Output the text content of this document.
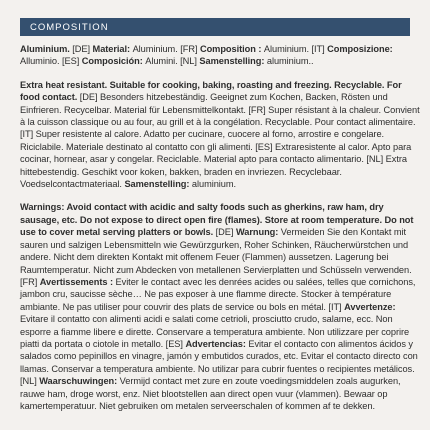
COMPOSITION

Aluminium. [DE] Material: Aluminium. [FR] Composition : Aluminium. [IT] Composizione: Alluminio. [ES] Composición: Alumini. [NL] Samenstelling: aluminium..

Extra heat resistant. Suitable for cooking, baking, roasting and freezing. Recyclable. For food contact. [DE] Besonders hitzebeständig. Geeignet zum Kochen, Backen, Rösten und Einfrieren. Recycelbar. Material für Lebensmittelkontakt. [FR] Super résistant à la chaleur. Convient à la cuisson classique ou au four, au grill et à la congélation. Recyclable. Pour contact alimentaire. [IT] Super resistente al calore. Adatto per cucinare, cuocere al forno, arrostire e congelare. Riciclabile. Materiale destinato al contatto con gli alimenti. [ES] Extraresistente al calor. Apto para cocinar, hornear, asar y congelar. Reciclable. Material apto para contacto alimentario. [NL] Extra hittebestendig. Geschikt voor koken, bakken, braden en invriezen. Recyclebaar. Voedselcontactmateriaal. Samenstelling: aluminium.

Warnings: Avoid contact with acidic and salty foods such as gherkins, raw ham, dry sausage, etc. Do not expose to direct open fire (flames). Store at room temperature. Do not use to cover metal serving platters or bowls. [DE] Warnung: Vermeiden Sie den Kontakt mit sauren und salzigen Lebensmitteln wie Gewürzgurken, Roher Schinken, Räucherwürstchen und andere. Nicht dem direkten Kontakt mit offenem Feuer (Flammen) aussetzen. Lagerung bei Raumtemperatur. Nicht zum Abdecken von metallenen Servierplatten und Schüsseln verwenden. [FR] Avertissements : Eviter le contact avec les denrées acides ou salées, telles que cornichons, jambon cru, saucisse sèche… Ne pas exposer à une flamme directe. Stocker à température ambiante. Ne pas utiliser pour couvrir des plats de service ou bols en métal. [IT] Avvertenze: Evitare il contatto con alimenti acidi e salati come cetrioli, prosciutto crudo, salame, ecc. Non esporre a fiamme libere e dirette. Conservare a temperatura ambiente. Non utilizzare per coprire piatti da portata o ciotole in metallo. [ES] Advertencias: Evitar el contacto con alimentos ácidos y salados como pepinillos en vinagre, jamón y embutidos curados, etc. Evitar el contacto directo con llamas. Conservar a temperatura ambiente. No utilizar para cubrir fuentes o recipientes metálicos. [NL] Waarschuwingen: Vermijd contact met zure en zoute voedingsmiddelen zoals augurken, rauwe ham, droge worst, enz. Niet blootstellen aan direct open vuur (vlammen). Bewaar op kamertemperatuur. Niet gebruiken om metalen serveerschalen of kommen af te dekken.
